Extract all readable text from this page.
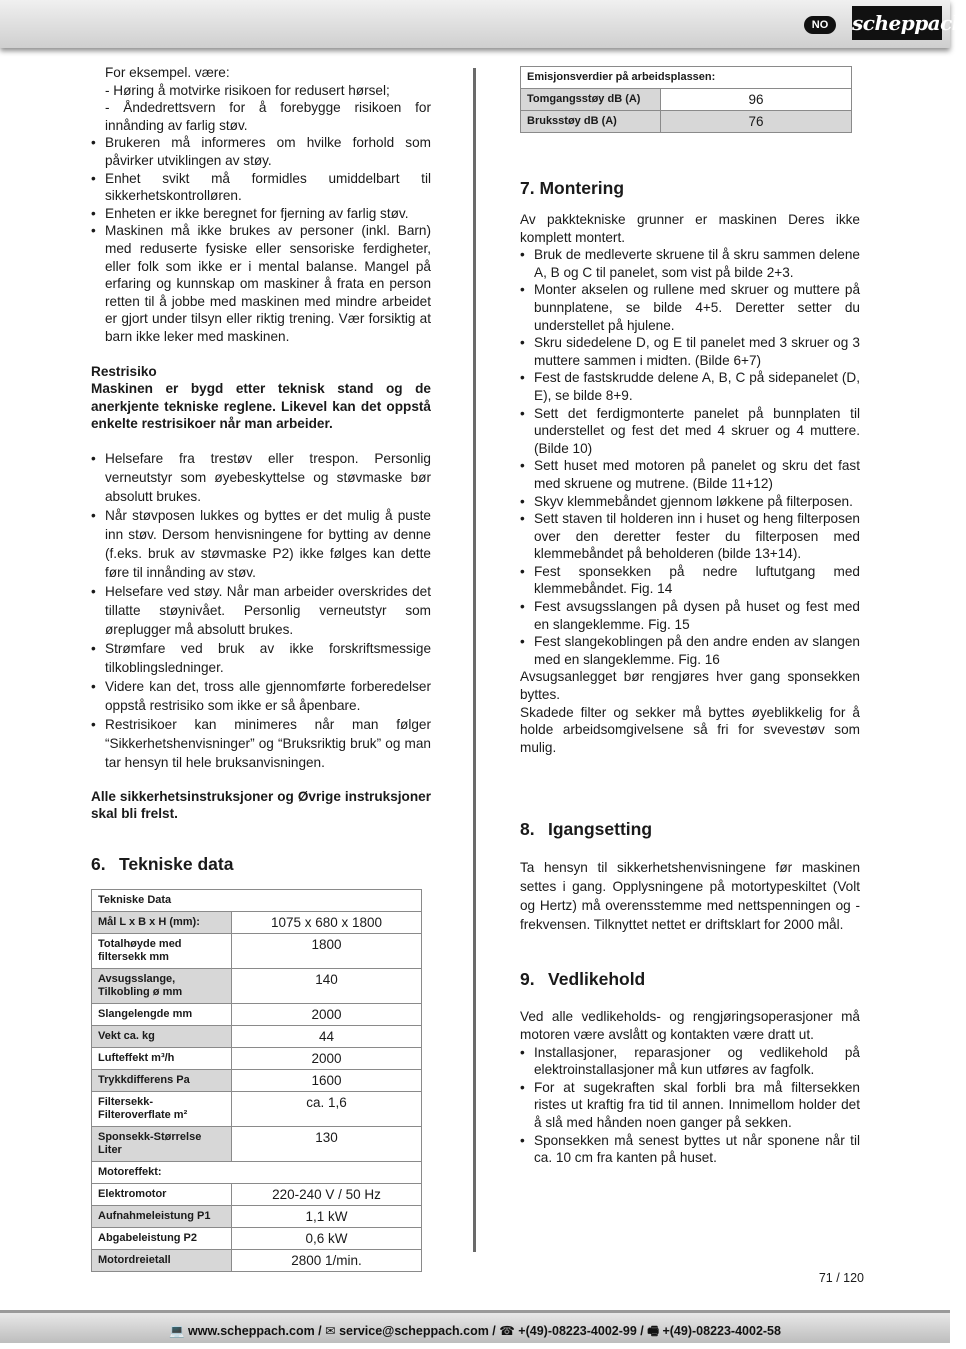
NO	scheppach

For eksempel. være:

- Høring å motvirke risikoen for redusert hørsel;

- Åndedrettsvern for å forebygge risikoen for innånding av farlig støv.

• Brukeren må informeres om hvilke forhold som påvirker utviklingen av støy.
• Enhet svikt må formidles umiddelbart til sikkerhetskontrolløren.
• Enheten er ikke beregnet for fjerning av farlig støv.
• Maskinen må ikke brukes av personer (inkl. Barn) med reduserte fysiske eller sensoriske ferdigheter, eller folk som ikke er i mental balanse. Mangel på erfaring og kunnskap om maskiner å frata en person retten til å jobbe med maskinen med mindre arbeidet er gjort under tilsyn eller riktig trening. Vær forsiktig at barn ikke leker med maskinen.

Restrisiko

Maskinen er bygd etter teknisk stand og de anerkjente tekniske reglene. Likevel kan det oppstå enkelte restrisikoer når man arbeider.

• Helsefare fra trestøv eller trespon. Personlig verneutstyr som øyebeskyttelse og støvmaske bør absolutt brukes.
• Når støvposen lukkes og byttes er det mulig å puste inn støv. Dersom henvisningene for bytting av denne (f.eks. bruk av støvmaske P2) ikke følges kan dette føre til innånding av støv.
• Helsefare ved støy. Når man arbeider overskrides det tillatte støynivået. Personlig verneutstyr som øreplugger må absolutt brukes.
• Strømfare ved bruk av ikke forskriftsmessige tilkoblingsledninger.
• Videre kan det, tross alle gjennomførte forberedelser oppstå restrisiko som ikke er så åpenbare.
• Restrisikoer kan minimeres når man følger “Sikkerhetshenvisninger” og “Bruksriktig bruk” og man tar hensyn til hele bruksanvisningen.

Alle sikkerhetsinstruksjoner og Øvrige instruksjoner skal bli frelst.

6. Tekniske data
Tekniske Data	
Mål L x B x H (mm):	1075 x 680 x 1800
Totalhøyde med filtersekk mm	1800
Avsugsslange, Tilkobling ø mm	140
Slangelengde mm	2000
Vekt ca. kg	44
Lufteffekt m³/h	2000
Trykkdifferens Pa	1600
Filtersekk-Filteroverflate m²	ca. 1,6
Sponsekk-Størrelse Liter	130
Motoreffekt:	
Elektromotor	220-240 V / 50 Hz
Aufnahmeleistung P1	1,1 kW
Abgabeleistung P2	0,6 kW
Motordreietall	2800 1/min.
Emisjonsverdier på arbeidsplassen:	
Tomgangsstøy dB (A)	96
Bruksstøy dB (A)	76
7. Montering

Av pakktekniske grunner er maskinen Deres ikke komplett montert.

• Bruk de medleverte skruene til å skru sammen delene A, B og C til panelet, som vist på bilde 2+3.
• Monter akselen og rullene med skruer og muttere på bunnplatene, se bilde 4+5. Deretter setter du understellet på hjulene.
• Skru sidedelene D, og E til panelet med 3 skruer og 3 muttere sammen i midten. (Bilde 6+7)
• Fest de fastskrudde delene A, B, C på sidepanelet (D, E), se bilde 8+9.
• Sett det ferdigmonterte panelet på bunnplaten til understellet og fest det med 4 skruer og 4 muttere. (Bilde 10)
• Sett huset med motoren på panelet og skru det fast med skruene og mutrene. (Bilde 11+12)
• Skyv klemmebåndet gjennom løkkene på filterposen.
• Sett staven til holderen inn i huset og heng filterposen over den deretter fester du filterposen med klemmebåndet på beholderen (bilde 13+14).
• Fest sponsekken på nedre luftutgang med klemmebåndet. Fig. 14
• Fest avsugsslangen på dysen på huset og fest med en slangeklemme. Fig. 15
• Fest slangekoblingen på den andre enden av slangen med en slangeklemme. Fig. 16

Avsugsanlegget bør rengjøres hver gang sponsekken byttes.

Skadede filter og sekker må byttes øyeblikkelig for å holde arbeidsomgivelsene så fri for svevestøv som mulig.

8. Igangsetting

Ta hensyn til sikkerhetshenvisningene før maskinen settes i gang. Opplysningene på motortypeskiltet (Volt og Hertz) må overensstemme med nettspenningen og -frekvensen. Tilknyttet nettet er driftsklart for 2000 mål.

9. Vedlikehold

Ved alle vedlikeholds- og rengjøringsoperasjoner må motoren være avslått og kontakten være dratt ut.

• Installasjoner, reparasjoner og vedlikehold på elektroinstallasjoner må kun utføres av fagfolk.
• For at sugekraften skal forbli bra må filtersekken ristes ut kraftig fra tid til annen. Innimellom holder det å slå med hånden noen ganger på sekken.
• Sponsekken må senest byttes ut når sponene når til ca. 10 cm fra kanten på huset.
71 / 120
💻 www.scheppach.com / ✉ service@scheppach.com / ☎ +(49)-08223-4002-99 / 🖷 +(49)-08223-4002-58
